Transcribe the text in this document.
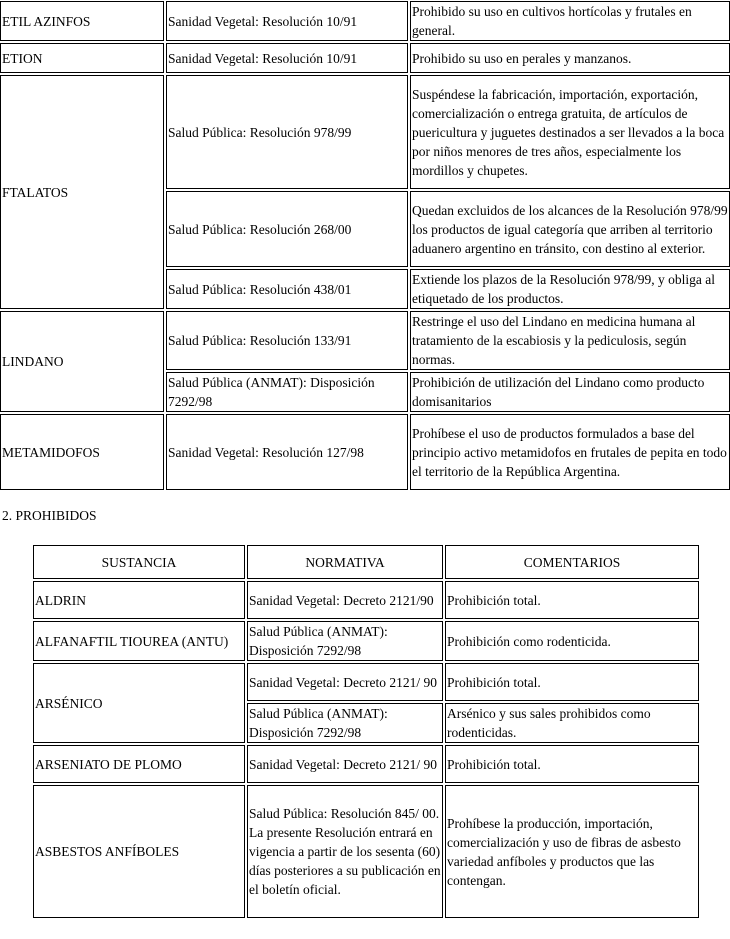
ETIL AZINFOS	Sanidad Vegetal: Resolución 10/91	Prohibido su uso en cultivos hortícolas y frutales en general.
ETION	Sanidad Vegetal: Resolución 10/91	Prohibido su uso en perales y manzanos.
FTALATOS	Salud Pública: Resolución 978/99	Suspéndese la fabricación, importación, exportación, comercialización o entrega gratuita, de artículos de puericultura y juguetes destinados a ser llevados a la boca por niños menores de tres años, especialmente los mordillos y chupetes.
	Salud Pública: Resolución 268/00	Quedan excluidos de los alcances de la Resolución 978/99 los productos de igual categoría que arriben al territorio aduanero argentino en tránsito, con destino al exterior.
	Salud Pública: Resolución 438/01	Extiende los plazos de la Resolución 978/99, y obliga al etiquetado de los productos.
LINDANO	Salud Pública: Resolución 133/91	Restringe el uso del Lindano en medicina humana al tratamiento de la escabiosis y la pediculosis, según normas.
	Salud Pública (ANMAT): Disposición 7292/98	Prohibición de utilización del Lindano como producto domisanitarios
METAMIDOFOS	Sanidad Vegetal: Resolución 127/98	Prohíbese el uso de productos formulados a base del principio activo metamidofos en frutales de pepita en todo el territorio de la República Argentina.
2. PROHIBIDOS
SUSTANCIA	NORMATIVA	COMENTARIOS
ALDRIN	Sanidad Vegetal: Decreto 2121/90	Prohibición total.
ALFANAFTIL TIOUREA (ANTU)	Salud Pública (ANMAT): Disposición 7292/98	Prohibición como rodenticida.
ARSÉNICO	Sanidad Vegetal: Decreto 2121/ 90	Prohibición total.
	Salud Pública (ANMAT): Disposición 7292/98	Arsénico y sus sales prohibidos como rodenticidas.
ARSENIATO DE PLOMO	Sanidad Vegetal: Decreto 2121/ 90	Prohibición total.
ASBESTOS ANFÍBOLES	Salud Pública: Resolución 845/ 00. La presente Resolución entrará en vigencia a partir de los sesenta (60) días posteriores a su publicación en el boletín oficial.	Prohíbese la producción, importación, comercialización y uso de fibras de asbesto variedad anfíboles y productos que las contengan.
